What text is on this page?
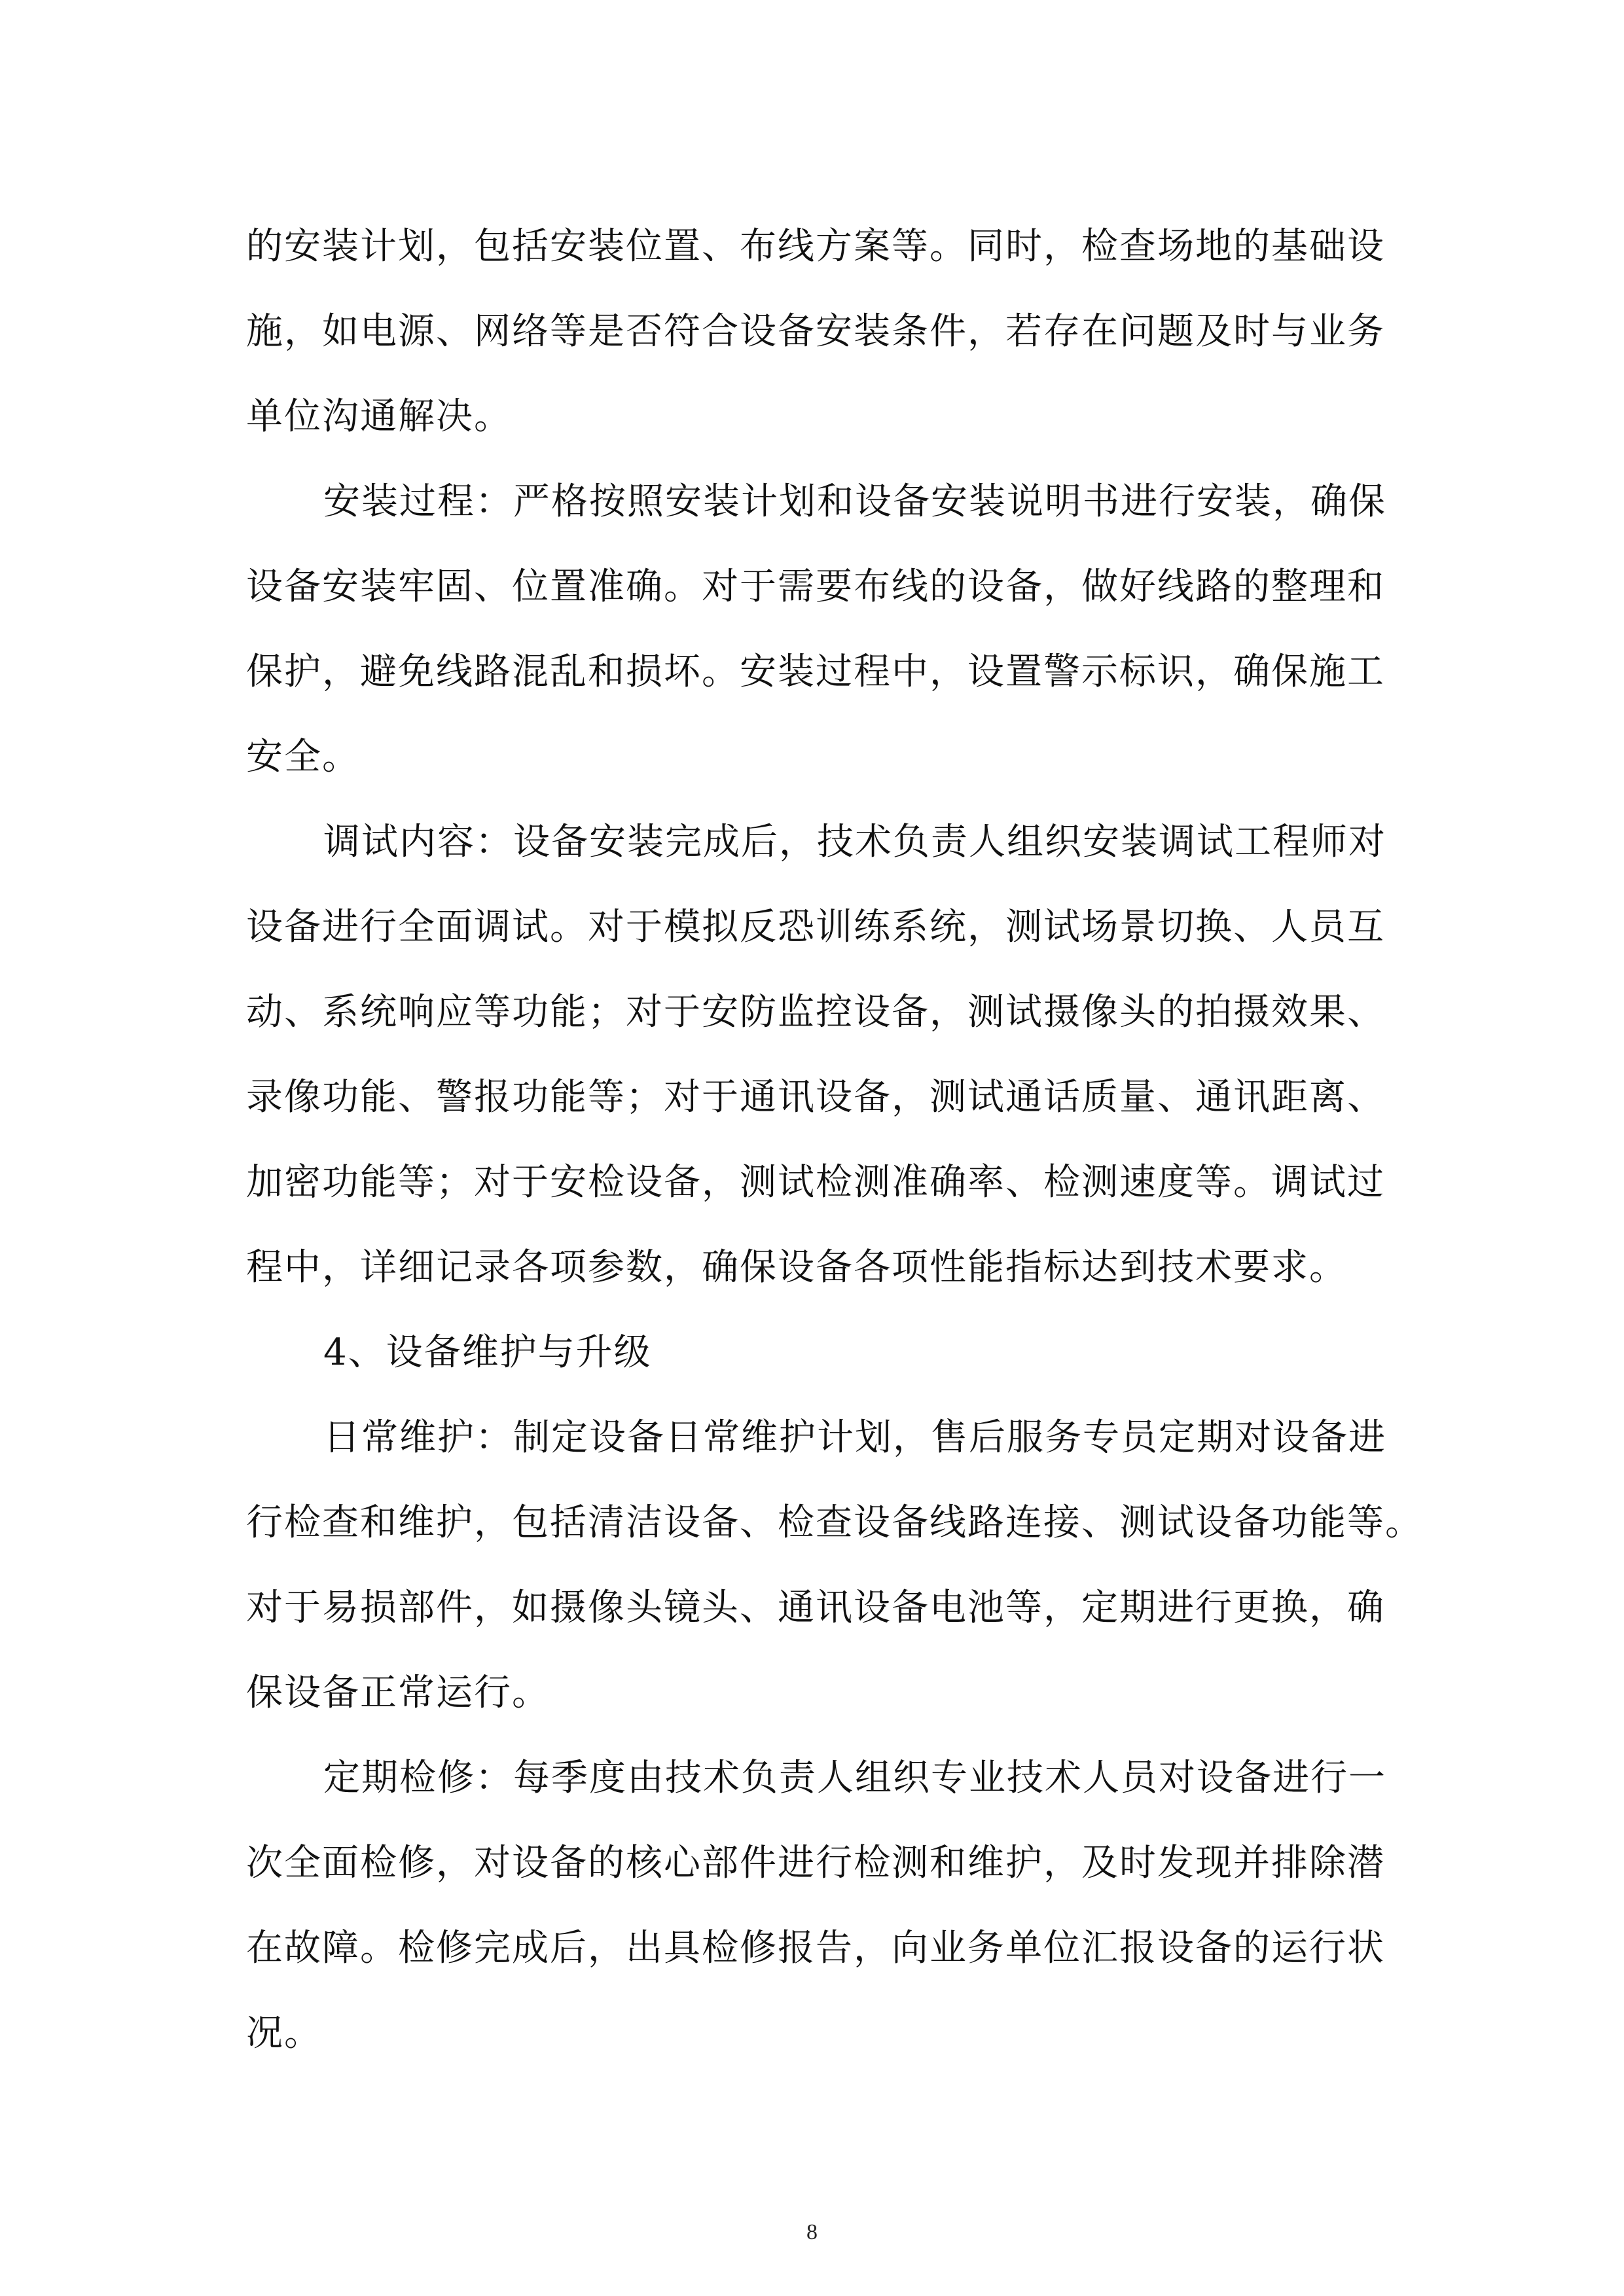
的安装计划，包括安装位置、布线方案等。同时，检查场地的基础设
施，如电源、网络等是否符合设备安装条件，若存在问题及时与业务
单位沟通解决。

安装过程：严格按照安装计划和设备安装说明书进行安装，确保
设备安装牢固、位置准确。对于需要布线的设备，做好线路的整理和
保护，避免线路混乱和损坏。安装过程中，设置警示标识，确保施工
安全。

调试内容：设备安装完成后，技术负责人组织安装调试工程师对
设备进行全面调试。对于模拟反恐训练系统，测试场景切换、人员互
动、系统响应等功能；对于安防监控设备，测试摄像头的拍摄效果、
录像功能、警报功能等；对于通讯设备，测试通话质量、通讯距离、
加密功能等；对于安检设备，测试检测准确率、检测速度等。调试过
程中，详细记录各项参数，确保设备各项性能指标达到技术要求。

4、设备维护与升级

日常维护：制定设备日常维护计划，售后服务专员定期对设备进
行检查和维护，包括清洁设备、检查设备线路连接、测试设备功能等。
对于易损部件，如摄像头镜头、通讯设备电池等，定期进行更换，确
保设备正常运行。

定期检修：每季度由技术负责人组织专业技术人员对设备进行一
次全面检修，对设备的核心部件进行检测和维护，及时发现并排除潜
在故障。检修完成后，出具检修报告，向业务单位汇报设备的运行状
况。

8
